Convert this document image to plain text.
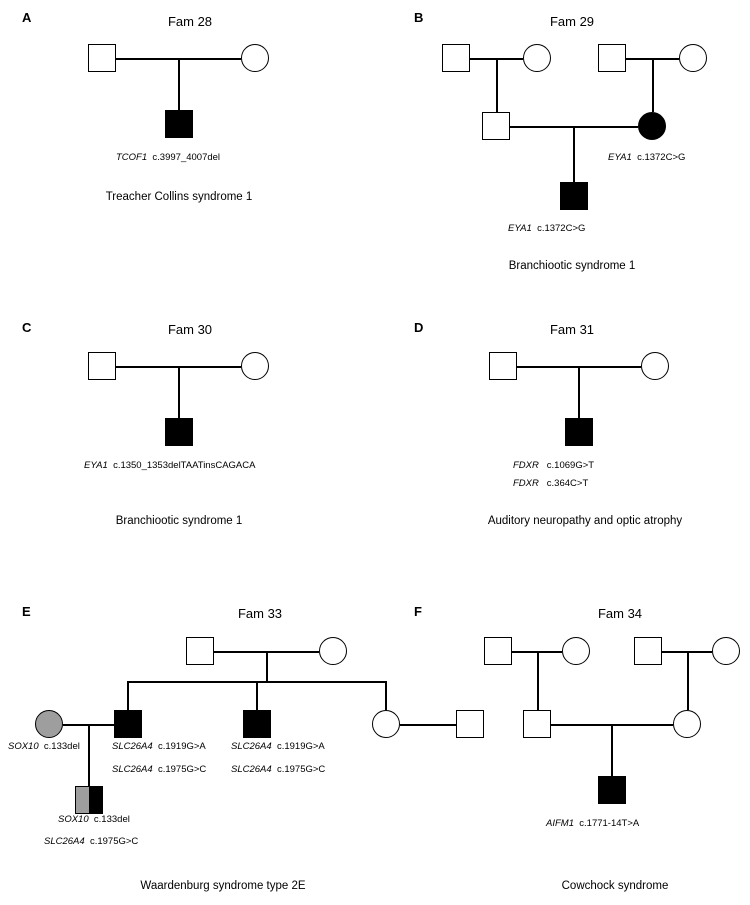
A	Fam 28
TCOF1 c.3997_4007del
Treacher Collins syndrome 1
B	Fam 29
EYA1 c.1372C>G
EYA1 c.1372C>G
Branchiootic syndrome 1
C	Fam 30
EYA1 c.1350_1353delTAATinsCAGACA
Branchiootic syndrome 1
D	Fam 31
FDXR c.1069G>T
FDXR c.364C>T
Auditory neuropathy and optic atrophy
E	Fam 33
SOX10 c.133del	SLC26A4 c.1919G>A
SLC26A4 c.1975G>C
SLC26A4 c.1919G>A
SLC26A4 c.1975G>C
SOX10 c.133del
SLC26A4 c.1975G>C
Waardenburg syndrome type 2E
F	Fam 34
AIFM1 c.1771-14T>A
Cowchock syndrome
